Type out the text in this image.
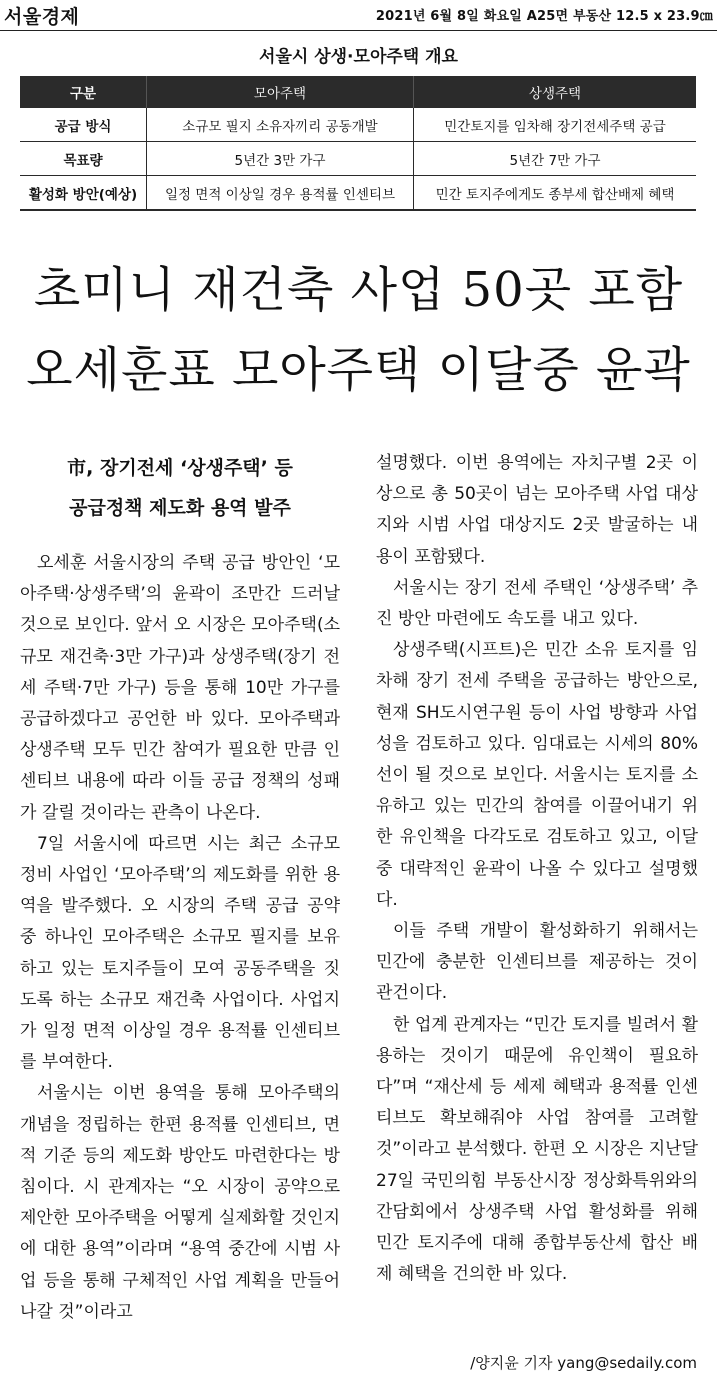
서울경제	2021년 6월 8일 화요일 A25면 부동산 12.5 x 23.9㎝
서울시 상생·모아주택 개요
구분	모아주택	상생주택
공급 방식	소규모 필지 소유자끼리 공동개발	민간토지를 임차해 장기전세주택 공급
목표량	5년간 3만 가구	5년간 7만 가구
활성화 방안(예상)	일정 면적 이상일 경우 용적률 인센티브	민간 토지주에게도 종부세 합산배제 혜택
초미니 재건축 사업 50곳 포함
오세훈표 모아주택 이달중 윤곽
市, 장기전세 ‘상생주택’ 등
공급정책 제도화 용역 발주

오세훈 서울시장의 주택 공급 방안인 ‘모아주택·상생주택’의 윤곽이 조만간 드러날 것으로 보인다. 앞서 오 시장은 모아주택(소규모 재건축·3만 가구)과 상생주택(장기 전세 주택·7만 가구) 등을 통해 10만 가구를 공급하겠다고 공언한 바 있다. 모아주택과 상생주택 모두 민간 참여가 필요한 만큼 인센티브 내용에 따라 이들 공급 정책의 성패가 갈릴 것이라는 관측이 나온다.

7일 서울시에 따르면 시는 최근 소규모 정비 사업인 ‘모아주택’의 제도화를 위한 용역을 발주했다. 오 시장의 주택 공급 공약 중 하나인 모아주택은 소규모 필지를 보유하고 있는 토지주들이 모여 공동주택을 짓도록 하는 소규모 재건축 사업이다. 사업지가 일정 면적 이상일 경우 용적률 인센티브를 부여한다.

서울시는 이번 용역을 통해 모아주택의 개념을 정립하는 한편 용적률 인센티브, 면적 기준 등의 제도화 방안도 마련한다는 방침이다. 시 관계자는 “오 시장이 공약으로 제안한 모아주택을 어떻게 실제화할 것인지에 대한 용역”이라며 “용역 중간에 시범 사업 등을 통해 구체적인 사업 계획을 만들어나갈 것”이라고

설명했다. 이번 용역에는 자치구별 2곳 이상으로 총 50곳이 넘는 모아주택 사업 대상지와 시범 사업 대상지도 2곳 발굴하는 내용이 포함됐다.

서울시는 장기 전세 주택인 ‘상생주택’ 추진 방안 마련에도 속도를 내고 있다.

상생주택(시프트)은 민간 소유 토지를 임차해 장기 전세 주택을 공급하는 방안으로, 현재 SH도시연구원 등이 사업 방향과 사업성을 검토하고 있다. 임대료는 시세의 80% 선이 될 것으로 보인다. 서울시는 토지를 소유하고 있는 민간의 참여를 이끌어내기 위한 유인책을 다각도로 검토하고 있고, 이달 중 대략적인 윤곽이 나올 수 있다고 설명했다.

이들 주택 개발이 활성화하기 위해서는 민간에 충분한 인센티브를 제공하는 것이 관건이다.

한 업계 관계자는 “민간 토지를 빌려서 활용하는 것이기 때문에 유인책이 필요하다”며 “재산세 등 세제 혜택과 용적률 인센티브도 확보해줘야 사업 참여를 고려할 것”이라고 분석했다. 한편 오 시장은 지난달 27일 국민의힘 부동산시장 정상화특위와의 간담회에서 상생주택 사업 활성화를 위해 민간 토지주에 대해 종합부동산세 합산 배제 혜택을 건의한 바 있다.

/양지윤 기자 yang@sedaily.com
